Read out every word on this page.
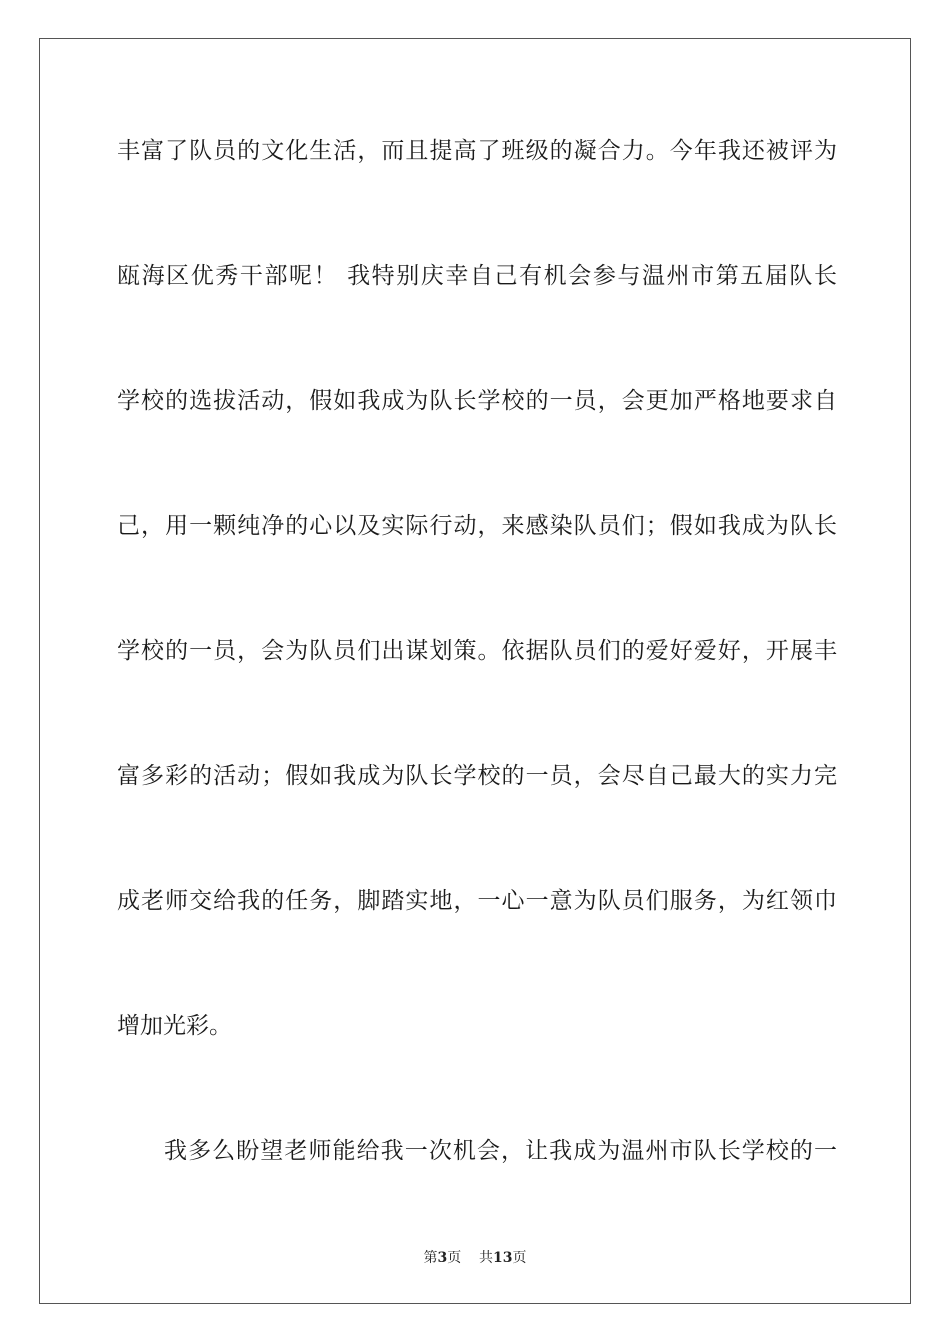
丰富了队员的文化生活，而且提高了班级的凝合力。今年我还被评为
瓯海区优秀干部呢！ 我特别庆幸自己有机会参与温州市第五届队长
学校的选拔活动，假如我成为队长学校的一员，会更加严格地要求自
己，用一颗纯净的心以及实际行动，来感染队员们；假如我成为队长
学校的一员，会为队员们出谋划策。依据队员们的爱好爱好，开展丰
富多彩的活动；假如我成为队长学校的一员，会尽自己最大的实力完
成老师交给我的任务，脚踏实地，一心一意为队员们服务，为红领巾
增加光彩。
我多么盼望老师能给我一次机会，让我成为温州市队长学校的一
第3页 共13页
